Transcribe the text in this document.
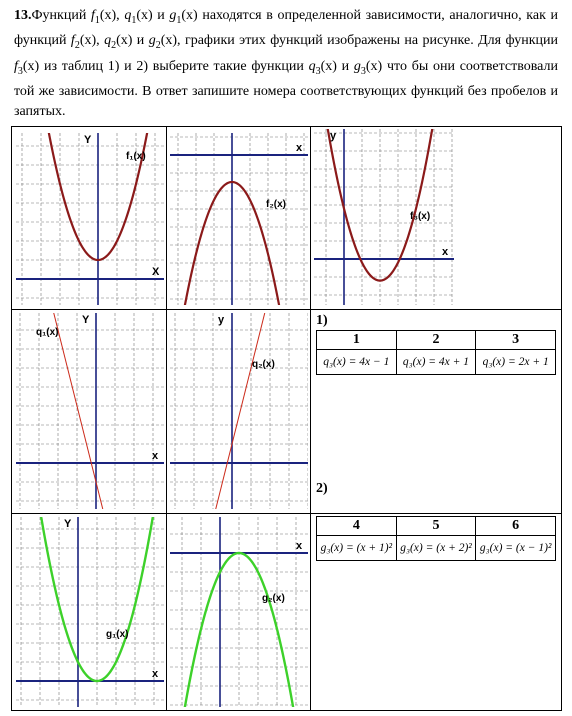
13.Функций $f_1(x)$, $q_1(x)$ и $g_1(x)$ находятся в определенной зависимости, аналогично, как и функций $f_2(x)$, $q_2(x)$ и $g_2(x)$, графики этих функций изображены на рисунке. Для функции $f_3(x)$ из таблиц 1) и 2) выберите такие функции $q_3(x)$ и $g_3(x)$ что бы они соответствовали той же зависимости. В ответ запишите номера соответствующих функций без пробелов и запятых.
X
Y
f₁(x)
x
f₂(x)
x
y
f₃(x)
x
Y
q₁(x)
y
q₂(x)
x
Y
g₁(x)
x
g₂(x)
1)
1	2	3
q₃(x) = 4x − 1	q₃(x) = 4x + 1	q₃(x) = 2x + 1
2)
4	5	6
g₃(x) = (x + 1)²	g₃(x) = (x + 2)²	g₃(x) = (x − 1)²
